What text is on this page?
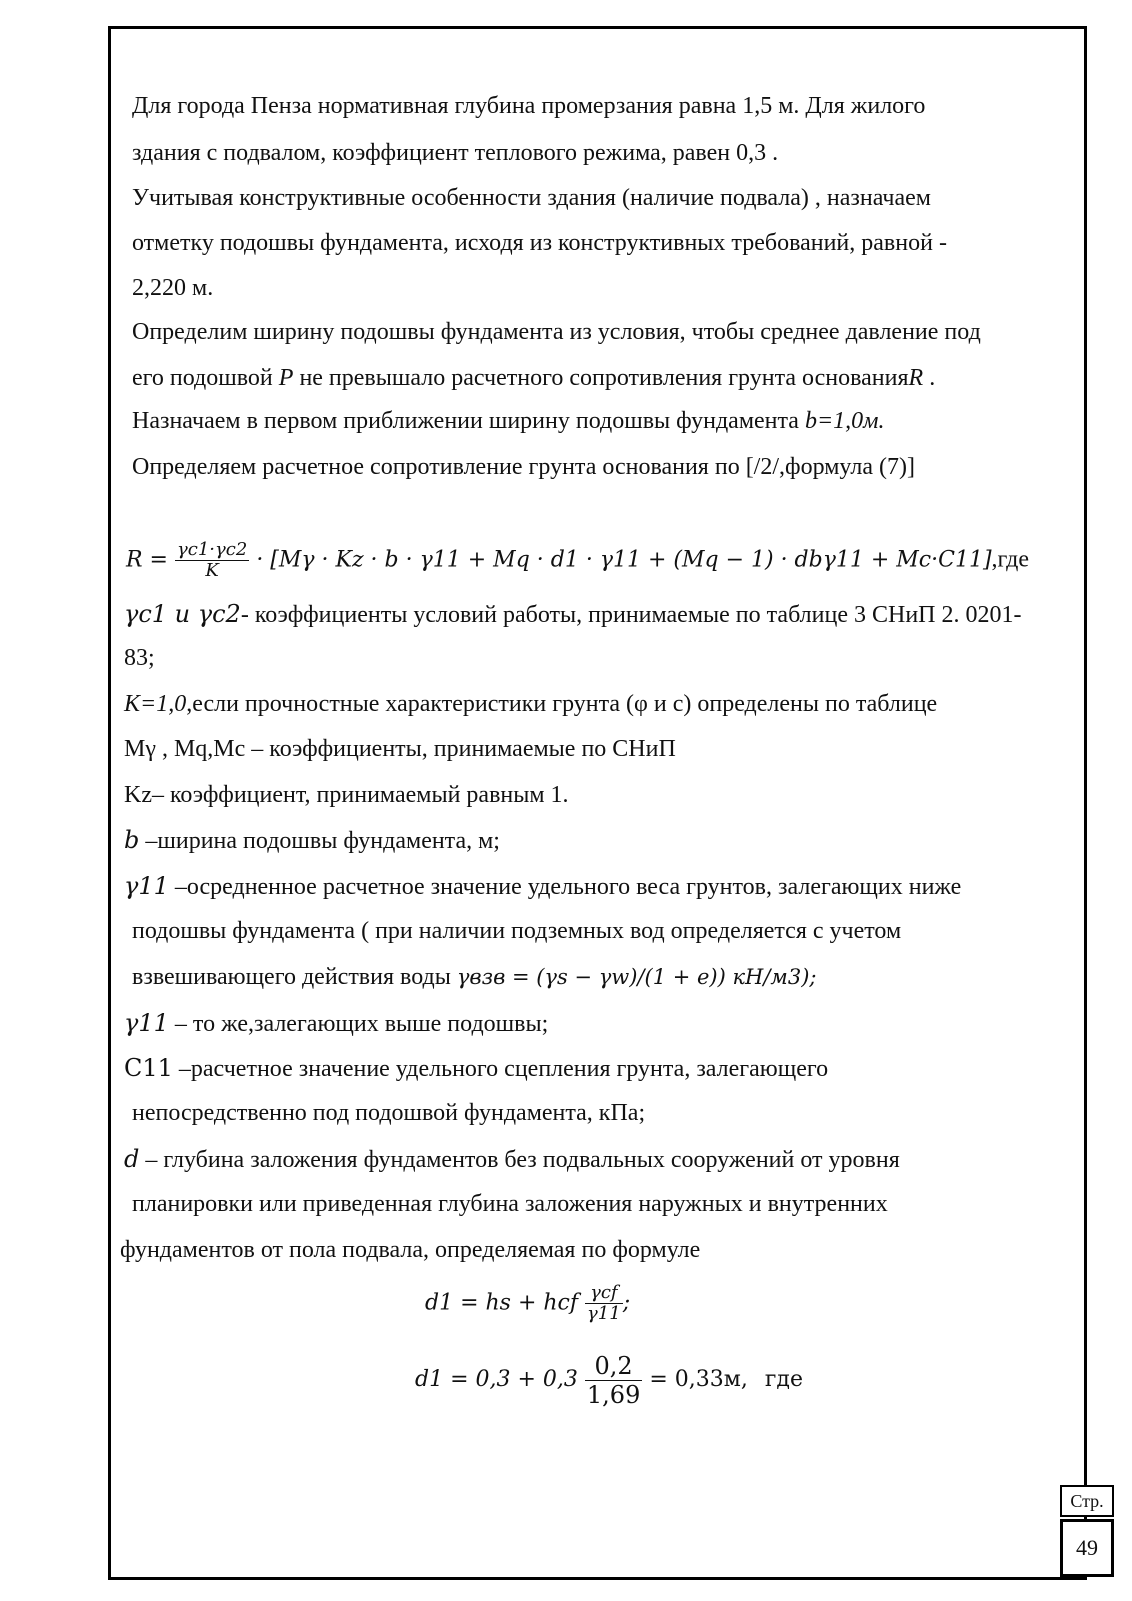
Для города Пенза нормативная глубина промерзания равна 1,5 м. Для жилого
здания с подвалом, коэффициент теплового режима, равен 0,3 .
Учитывая конструктивные особенности здания (наличие подвала) , назначаем
отметку подошвы фундамента, исходя из конструктивных требований, равной -
2,220 м.
Определим ширину подошвы фундамента из условия, чтобы среднее давление под
его подошвой P не превышало расчетного сопротивления грунта основанияR .
Назначаем в первом приближении ширину подошвы фундамента b=1,0м.
Определяем расчетное сопротивление грунта основания по [/2/,формула (7)]
$R = \frac{\gamma c1\cdot\gamma c2}{K} \cdot [M\gamma \cdot Kz \cdot b \cdot \gamma 11 + Mq \cdot d1 \cdot \gamma 11 + (Mq - 1) \cdot db\gamma 11 + Mc\cdot C11],где$
γc1 и γc2- коэффициенты условий работы, принимаемые по таблице 3 СНиП 2. 0201-
83;
K=1,0,если прочностные характеристики грунта (φ и с) определены по таблице
Mγ , Mq,Mc – коэффициенты, принимаемые по СНиП
Kz– коэффициент, принимаемый равным 1.
b –ширина подошвы фундамента, м;
γ11 –осредненное расчетное значение удельного веса грунтов, залегающих ниже
подошвы фундамента ( при наличии подземных вод определяется с учетом
взвешивающего действия воды γвзв = (γs − γw)/(1 + e)) кН/м3);
γ11 – то же,залегающих выше подошвы;
C11 –расчетное значение удельного сцепления грунта, залегающего
непосредственно под подошвой фундамента, кПа;
d – глубина заложения фундаментов без подвальных сооружений от уровня
планировки или приведенная глубина заложения наружных и внутренних
фундаментов от пола подвала, определяемая по формуле
d1 = hs + hcf $\frac{\text{γcf}}{\gamma 11}$ ;
$d1 = 0,3 + 0,3 \frac{0,2}{1,69} = 0,33м$, где
Стр.
49
